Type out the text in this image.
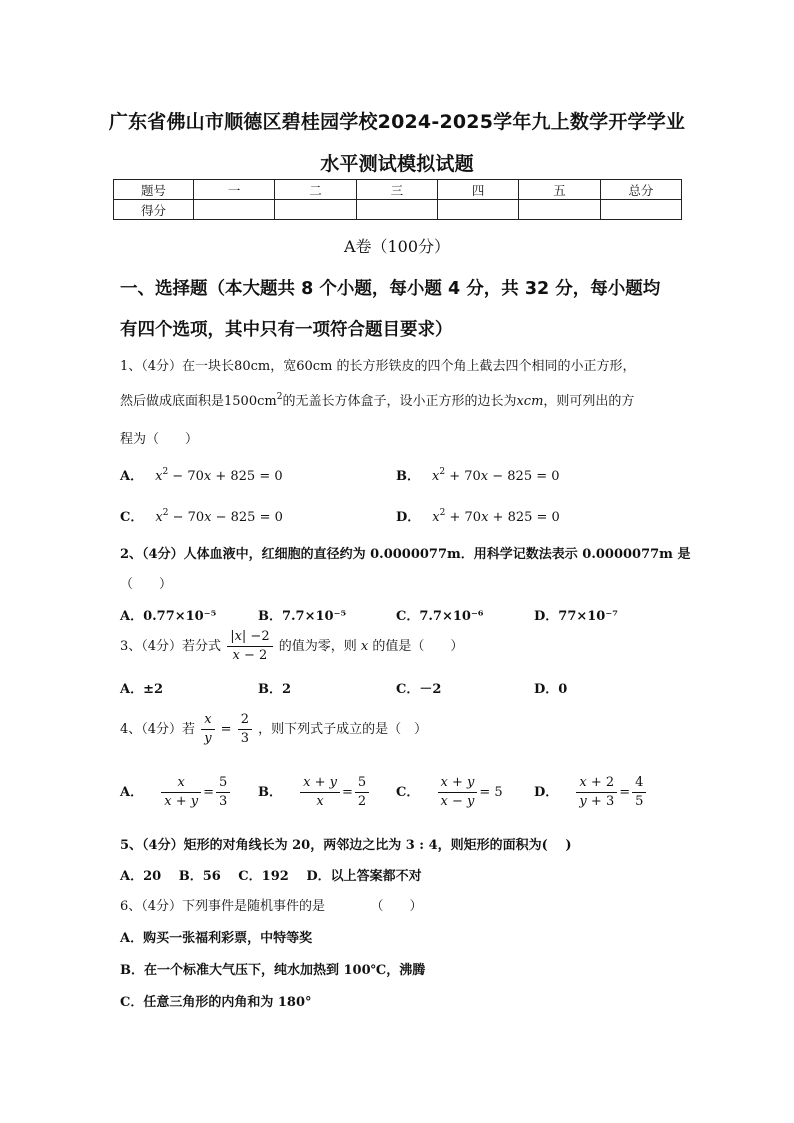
广东省佛山市顺德区碧桂园学校2024-2025学年九上数学开学学业
水平测试模拟试题
题号	一	二	三	四	五	总分
得分						
A卷（100分）
一、选择题（本大题共 8 个小题，每小题 4 分，共 32 分，每小题均
有四个选项，其中只有一项符合题目要求）
1、（4分）在一块长80cm，宽60cm 的长方形铁皮的四个角上截去四个相同的小正方形，
然后做成底面积是$1500cm^2$的无盖长方体盒子，设小正方形的边长为xcm，则可列出的方
程为（　　）
A． $x^2 - 70x + 825 = 0$	B． $x^2 + 70x - 825 = 0$
C． $x^2 - 70x - 825 = 0$	D． $x^2 + 70x + 825 = 0$
2、（4分）人体血液中，红细胞的直径约为 0.0000077m．用科学记数法表示 0.0000077m 是
（　　）
A．0.77×10⁻⁵	B．7.7×10⁻⁵	C．7.7×10⁻⁶	D．77×10⁻⁷
3、（4分）若分式 $\frac{|x| -2}{x - 2}$ 的值为零，则 x 的值是（　　）
A．±2	B．2	C．－2	D．0
4、（4分）若 $\frac{x}{y} = \frac{2}{3}$ ，则下列式子成立的是（　）
A． $\frac{x}{x + y} = \frac{5}{3}$ B． $\frac{x + y}{x} = \frac{5}{2}$ C． $\frac{x + y}{x - y} = 5$ D． $\frac{x + 2}{y + 3} = \frac{4}{5}$
5、（4分）矩形的对角线长为 20，两邻边之比为 3 : 4，则矩形的面积为(　 )
A．20　 B．56　 C．192　 D．以上答案都不对
6、（4分）下列事件是随机事件的是　　　　（　　）
A．购买一张福利彩票，中特等奖
B．在一个标准大气压下，纯水加热到 100℃，沸腾
C．任意三角形的内角和为 180°
